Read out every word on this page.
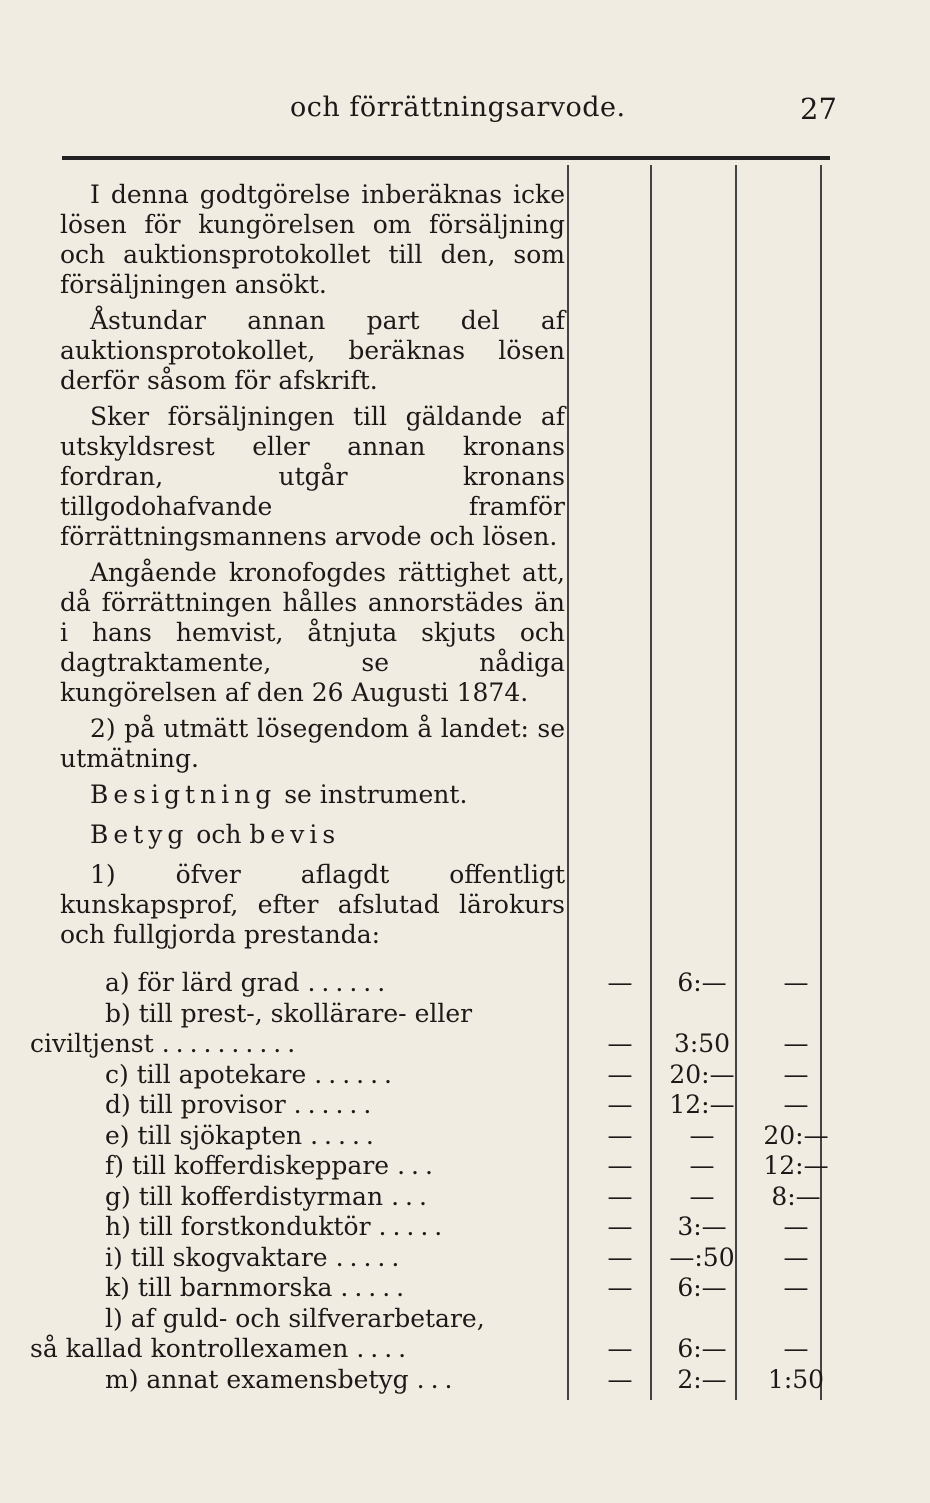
och förrättningsarvode.	27

I denna godtgörelse inberäknas icke lösen för kungörelsen om försäljning och auktionsprotokollet till den, som försäljningen ansökt.

Åstundar annan part del af auktionsprotokollet, beräknas lösen derför såsom för afskrift.

Sker försäljningen till gäldande af utskyldsrest eller annan kronans fordran, utgår kronans tillgodohafvande framför förrättningsmannens arvode och lösen.

Angående kronofogdes rättighet att, då förrättningen hålles annorstädes än i hans hemvist, åtnjuta skjuts och dagtraktamente, se nådiga kungörelsen af den 26 Augusti 1874.

2) på utmätt lösegendom å landet: se utmätning.

Besigtning se instrument.

Betyg och bevis

1) öfver aflagdt offentligt kunskapsprof, efter afslutad lärokurs och fullgjorda prestanda:

a) för lärd grad ......	—	6:—	—
b) till prest-, skollärare- eller
civiltjenst ..........	—	3:50	—
c) till apotekare ......	—	20:—	—
d) till provisor ......	—	12:—	—
e) till sjökapten .....	—	—	20:—
f) till kofferdiskeppare ...	—	—	12:—
g) till kofferdistyrman ...	—	—	8:—
h) till forstkonduktör .....	—	3:—	—
i) till skogvaktare .....	—	—:50	—
k) till barnmorska .....	—	6:—	—
l) af guld- och silfverarbetare,
så kallad kontrollexamen ....	—	6:—	—
m) annat examensbetyg ...	—	2:—	1:50
